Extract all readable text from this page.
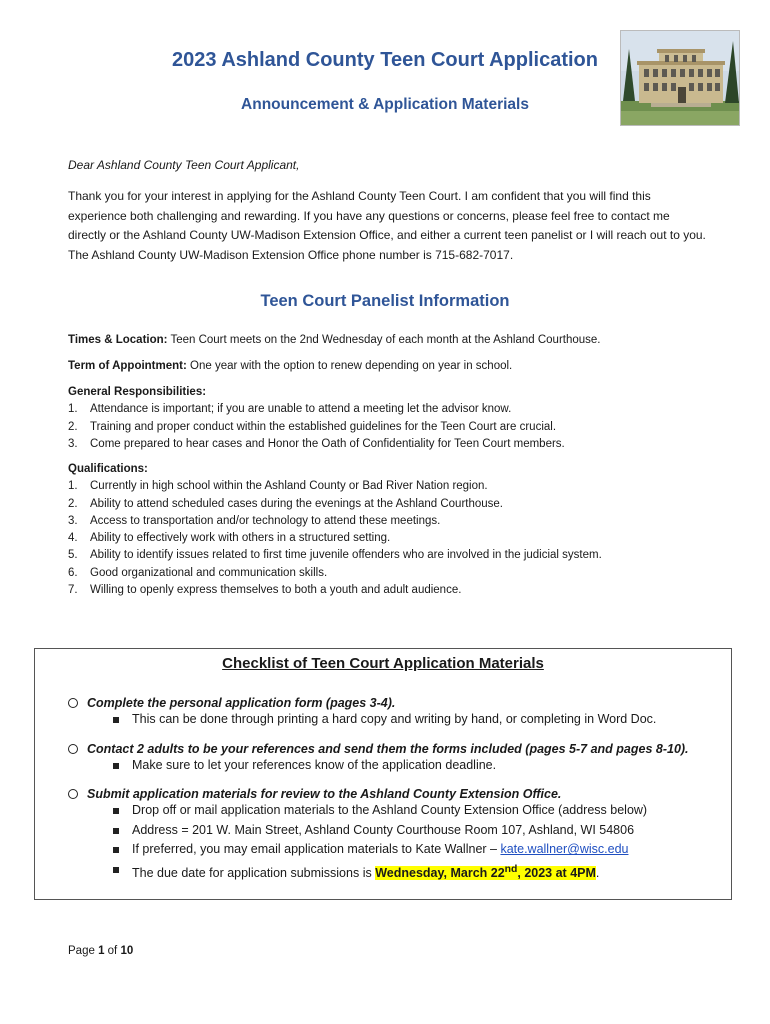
2023 Ashland County Teen Court Application
Announcement & Application Materials

Dear Ashland County Teen Court Applicant,

Thank you for your interest in applying for the Ashland County Teen Court. I am confident that you will find this experience both challenging and rewarding. If you have any questions or concerns, please feel free to contact me directly or the Ashland County UW-Madison Extension Office, and either a current teen panelist or I will reach out to you. The Ashland County UW-Madison Extension Office phone number is 715-682-7017.

Teen Court Panelist Information

Times & Location: Teen Court meets on the 2nd Wednesday of each month at the Ashland Courthouse.

Term of Appointment: One year with the option to renew depending on year in school.

General Responsibilities:
1.	Attendance is important; if you are unable to attend a meeting let the advisor know.
2.	Training and proper conduct within the established guidelines for the Teen Court are crucial.
3.	Come prepared to hear cases and Honor the Oath of Confidentiality for Teen Court members.
Qualifications:
1.	Currently in high school within the Ashland County or Bad River Nation region.
2.	Ability to attend scheduled cases during the evenings at the Ashland Courthouse.
3.	Access to transportation and/or technology to attend these meetings.
4.	Ability to effectively work with others in a structured setting.
5.	Ability to identify issues related to first time juvenile offenders who are involved in the judicial system.
6.	Good organizational and communication skills.
7.	Willing to openly express themselves to both a youth and adult audience.
Checklist of Teen Court Application Materials
Complete the personal application form (pages 3-4).
This can be done through printing a hard copy and writing by hand, or completing in Word Doc.
Contact 2 adults to be your references and send them the forms included (pages 5-7 and pages 8-10).
Make sure to let your references know of the application deadline.
Submit application materials for review to the Ashland County Extension Office.
Drop off or mail application materials to the Ashland County Extension Office (address below)
Address = 201 W. Main Street, Ashland County Courthouse Room 107, Ashland, WI 54806
If preferred, you may email application materials to Kate Wallner – kate.wallner@wisc.edu
The due date for application submissions is Wednesday, March 22nd, 2023 at 4PM.

Page 1 of 10
